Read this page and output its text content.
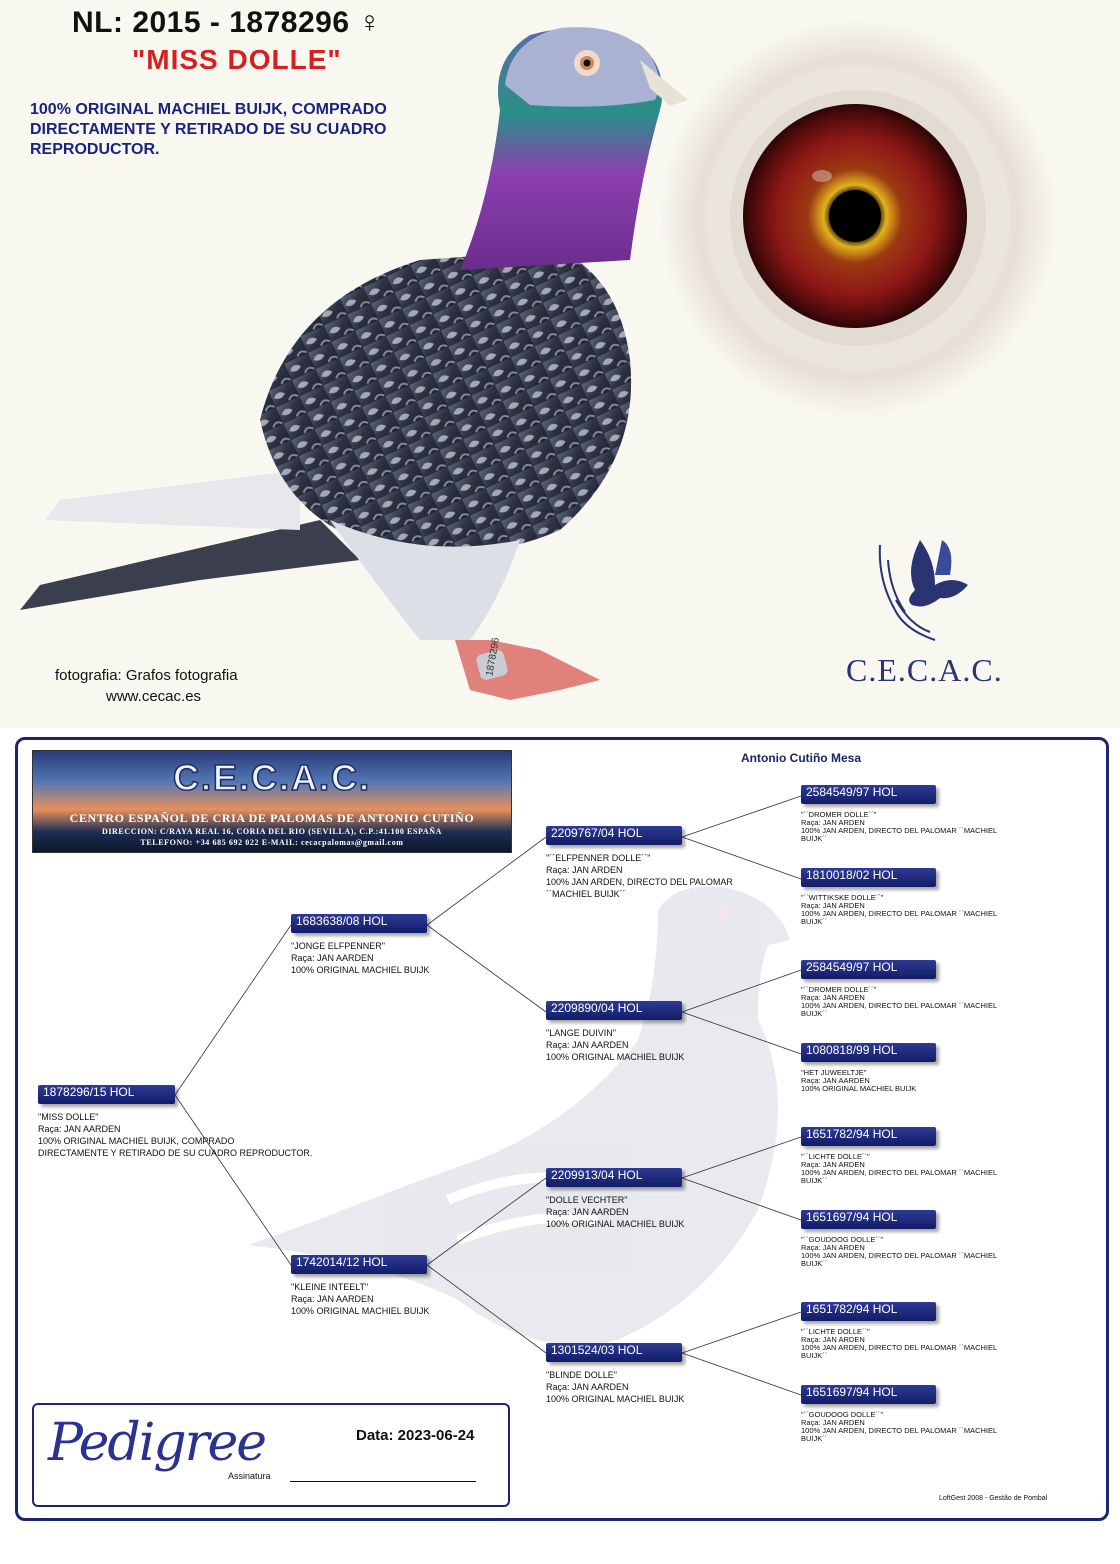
1878296
NL: 2015 - 1878296 ♀
"MISS DOLLE"
100% ORIGINAL MACHIEL BUIJK, COMPRADO DIRECTAMENTE Y RETIRADO DE SU CUADRO REPRODUCTOR.
fotografia: Grafos fotografia
www.cecac.es
C.E.C.A.C.
C.E.C.A.C.
CENTRO ESPAÑOL DE CRIA DE PALOMAS DE ANTONIO CUTIÑO
DIRECCION: C/RAYA REAL 16, CORIA DEL RIO (SEVILLA), C.P.:41.100 ESPAÑA
TELEFONO: +34 685 692 022 E-MAIL: cecacpalomas@gmail.com
Antonio Cutiño Mesa
1878296/15 HOL
"MISS DOLLE"
Raça: JAN AARDEN
100% ORIGINAL MACHIEL BUIJK, COMPRADO
DIRECTAMENTE Y RETIRADO DE SU CUADRO REPRODUCTOR.
1683638/08 HOL
"JONGE ELFPENNER"
Raça: JAN AARDEN
100% ORIGINAL MACHIEL BUIJK
1742014/12 HOL
"KLEINE INTEELT"
Raça: JAN AARDEN
100% ORIGINAL MACHIEL BUIJK
2209767/04 HOL
"´´ELFPENNER DOLLE´´"
Raça: JAN ARDEN
100% JAN ARDEN, DIRECTO DEL PALOMAR
´´MACHIEL BUIJK´´
2209890/04 HOL
"LANGE DUIVIN"
Raça: JAN AARDEN
100% ORIGINAL MACHIEL BUIJK
2209913/04 HOL
"DOLLE VECHTER"
Raça: JAN AARDEN
100% ORIGINAL MACHIEL BUIJK
1301524/03 HOL
"BLINDE DOLLE"
Raça: JAN AARDEN
100% ORIGINAL MACHIEL BUIJK
2584549/97 HOL
"´´DROMER DOLLE´´"
Raça: JAN ARDEN
100% JAN ARDEN, DIRECTO DEL PALOMAR ´´MACHIEL BUIJK´´
1810018/02 HOL
"´´WITTIKSKE DOLLE´´"
Raça: JAN ARDEN
100% JAN ARDEN, DIRECTO DEL PALOMAR ´´MACHIEL BUIJK´´
2584549/97 HOL
"´´DROMER DOLLE´´"
Raça: JAN ARDEN
100% JAN ARDEN, DIRECTO DEL PALOMAR ´´MACHIEL BUIJK´´
1080818/99 HOL
"HET JUWEELTJE"
Raça: JAN AARDEN
100% ORIGINAL MACHIEL BUIJK
1651782/94 HOL
"´´LICHTE DOLLE´´"
Raça: JAN ARDEN
100% JAN ARDEN, DIRECTO DEL PALOMAR ´´MACHIEL BUIJK´´
1651697/94 HOL
"´´GOUDOOG DOLLE´´"
Raça: JAN ARDEN
100% JAN ARDEN, DIRECTO DEL PALOMAR ´´MACHIEL BUIJK´´
1651782/94 HOL
"´´LICHTE DOLLE´´"
Raça: JAN ARDEN
100% JAN ARDEN, DIRECTO DEL PALOMAR ´´MACHIEL BUIJK´´
1651697/94 HOL
"´´GOUDOOG DOLLE´´"
Raça: JAN ARDEN
100% JAN ARDEN, DIRECTO DEL PALOMAR ´´MACHIEL BUIJK´´
Pedigree	Data: 2023-06-24
Assinatura
LoftGest 2008 - Gestão de Pombal
